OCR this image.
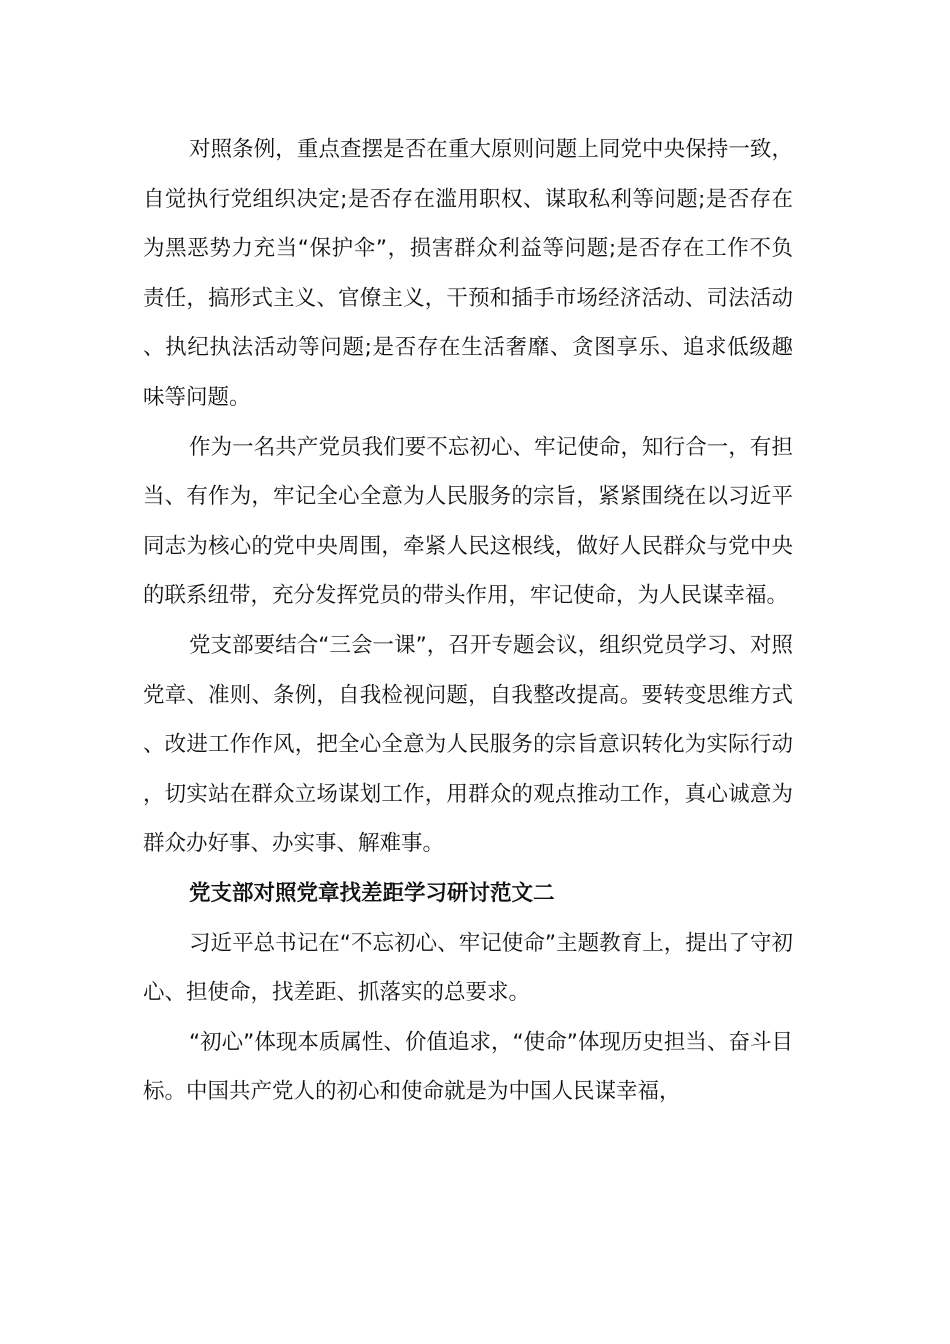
对照条例，重点查摆是否在重大原则问题上同党中央保持一致，自觉执行党组织决定;是否存在滥用职权、谋取私利等问题;是否存在为黑恶势力充当“保护伞”，损害群众利益等问题;是否存在工作不负责任，搞形式主义、官僚主义，干预和插手市场经济活动、司法活动、执纪执法活动等问题;是否存在生活奢靡、贪图享乐、追求低级趣味等问题。

作为一名共产党员我们要不忘初心、牢记使命，知行合一，有担当、有作为，牢记全心全意为人民服务的宗旨，紧紧围绕在以习近平同志为核心的党中央周围，牵紧人民这根线，做好人民群众与党中央的联系纽带，充分发挥党员的带头作用，牢记使命，为人民谋幸福。

党支部要结合“三会一课”，召开专题会议，组织党员学习、对照党章、准则、条例，自我检视问题，自我整改提高。要转变思维方式、改进工作作风，把全心全意为人民服务的宗旨意识转化为实际行动，切实站在群众立场谋划工作，用群众的观点推动工作，真心诚意为群众办好事、办实事、解难事。

党支部对照党章找差距学习研讨范文二

习近平总书记在“不忘初心、牢记使命”主题教育上，提出了守初心、担使命，找差距、抓落实的总要求。

“初心”体现本质属性、价值追求，“使命”体现历史担当、奋斗目标。中国共产党人的初心和使命就是为中国人民谋幸福，
